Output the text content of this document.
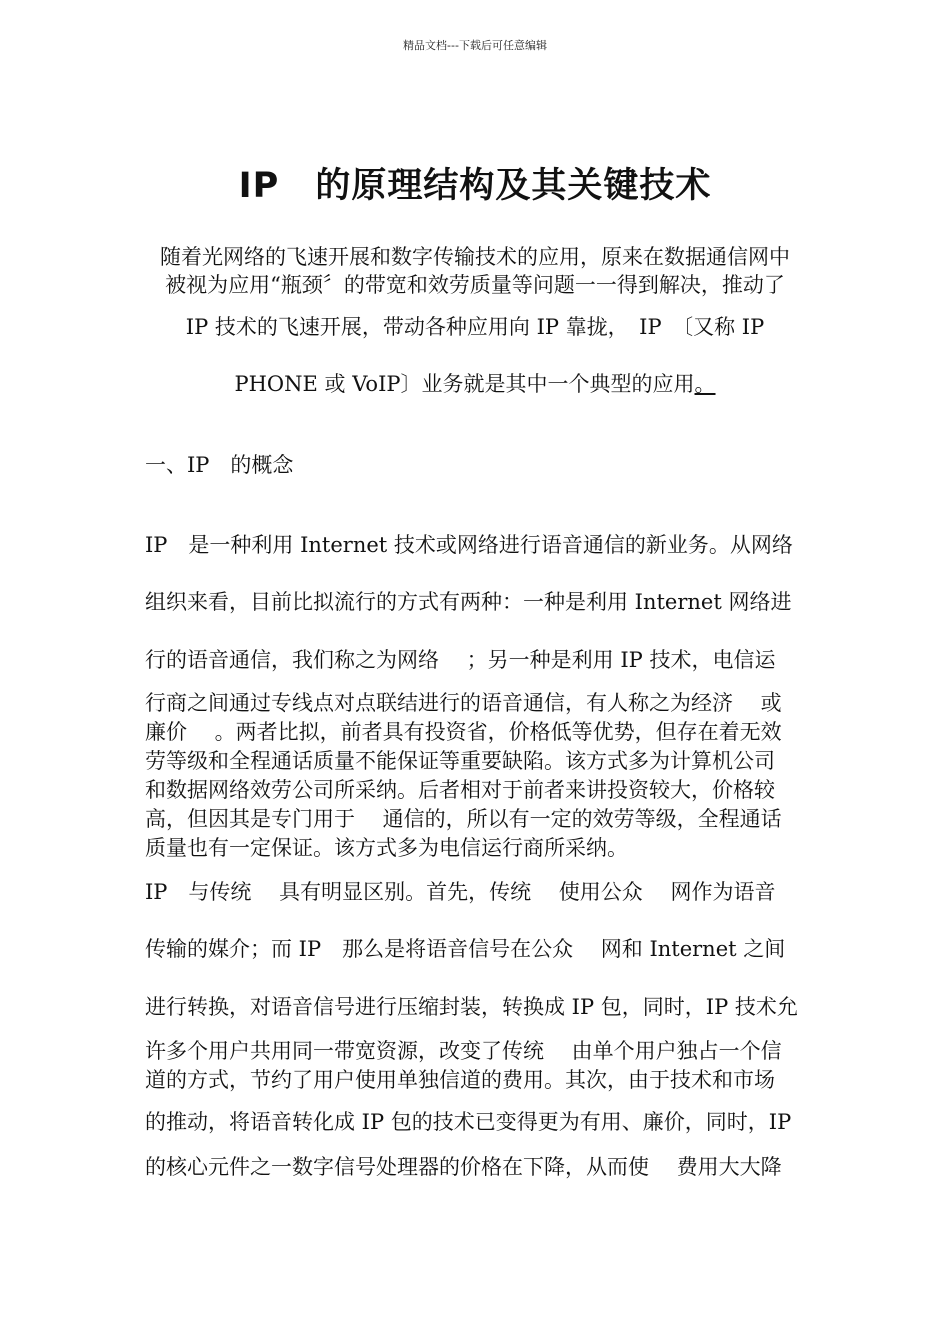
精品文档---下载后可任意编辑
IP　的原理结构及其关键技术
随着光网络的飞速开展和数字传输技术的应用，原来在数据通信网中
被视为应用“瓶颈〞的带宽和效劳质量等问题一一得到解决，推动了
IP 技术的飞速开展，带动各种应用向 IP 靠拢，　IP　〔又称 IP
PHONE 或 VoIP〕业务就是其中一个典型的应用。
一、IP　的概念
IP　是一种利用 Internet 技术或网络进行语音通信的新业务。从网络
组织来看，目前比拟流行的方式有两种：一种是利用 Internet 网络进
行的语音通信，我们称之为网络　 ；另一种是利用 IP 技术，电信运
行商之间通过专线点对点联结进行的语音通信，有人称之为经济　 或
廉价　 。两者比拟，前者具有投资省，价格低等优势，但存在着无效
劳等级和全程通话质量不能保证等重要缺陷。该方式多为计算机公司
和数据网络效劳公司所采纳。后者相对于前者来讲投资较大，价格较
高，但因其是专门用于　 通信的，所以有一定的效劳等级，全程通话
质量也有一定保证。该方式多为电信运行商所采纳。
IP　与传统　 具有明显区别。首先，传统　 使用公众　 网作为语音
传输的媒介；而 IP　那么是将语音信号在公众　 网和 Internet 之间
进行转换，对语音信号进行压缩封装，转换成 IP 包，同时，IP 技术允
许多个用户共用同一带宽资源，改变了传统　 由单个用户独占一个信
道的方式，节约了用户使用单独信道的费用。其次，由于技术和市场
的推动，将语音转化成 IP 包的技术已变得更为有用、廉价，同时，IP
的核心元件之一数字信号处理器的价格在下降，从而使　 费用大大降
